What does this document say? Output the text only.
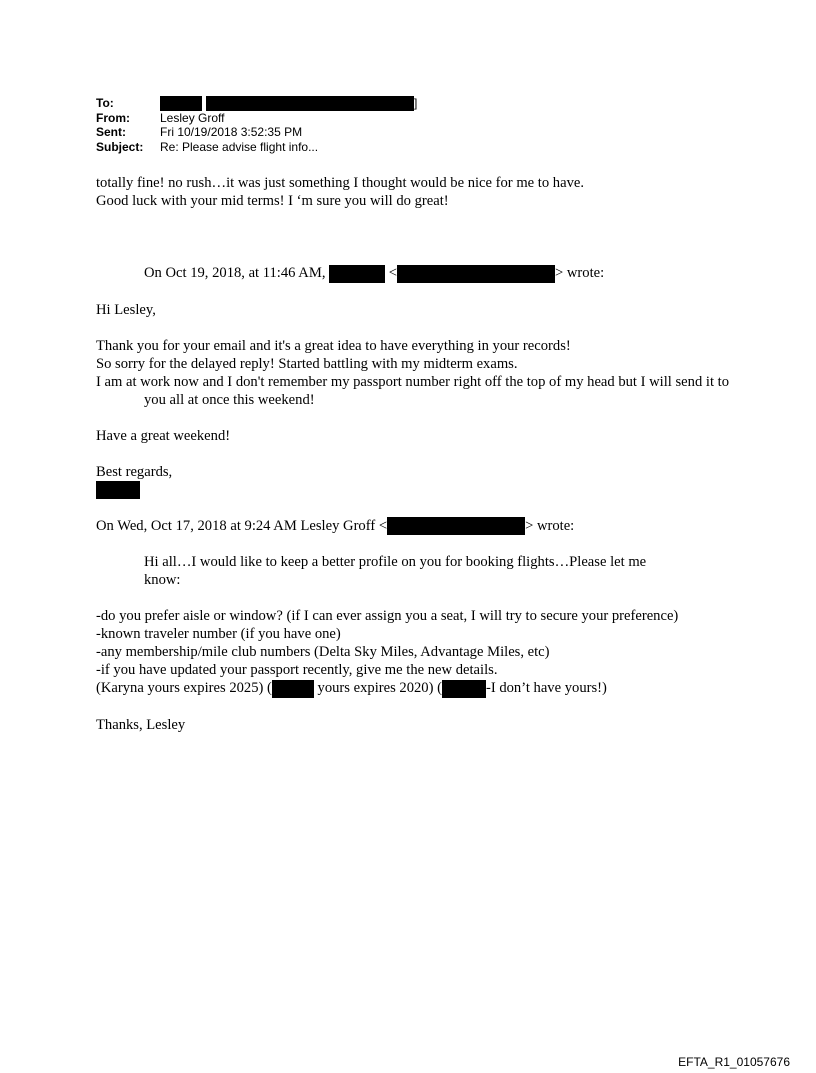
To:	]
From:	Lesley Groff
Sent:	Fri 10/19/2018 3:52:35 PM
Subject:	Re: Please advise flight info...

totally fine! no rush…it was just something I thought would be nice for me to have.

Good luck with your mid terms! I ‘m sure you will do great!

On Oct 19, 2018, at 11:46 AM,	<	> wrote:

Hi Lesley,

Thank you for your email and it's a great idea to have everything in your records!

So sorry for the delayed reply! Started battling with my midterm exams.

I am at work now and I don't remember my passport number right off the top of my head but I will send it to you all at once this weekend!

Have a great weekend!

Best regards,

On Wed, Oct 17, 2018 at 9:24 AM Lesley Groff <	> wrote:

Hi all…I would like to keep a better profile on you for booking flights…Please let me know:

-do you prefer aisle or window? (if I can ever assign you a seat, I will try to secure your preference)

-known traveler number (if you have one)

-any membership/mile club numbers (Delta Sky Miles, Advantage Miles, etc)

-if you have updated your passport recently, give me the new details.

(Karyna yours expires 2025) (	yours expires 2020) (	-I don’t have yours!)

Thanks, Lesley

EFTA_R1_01057676
